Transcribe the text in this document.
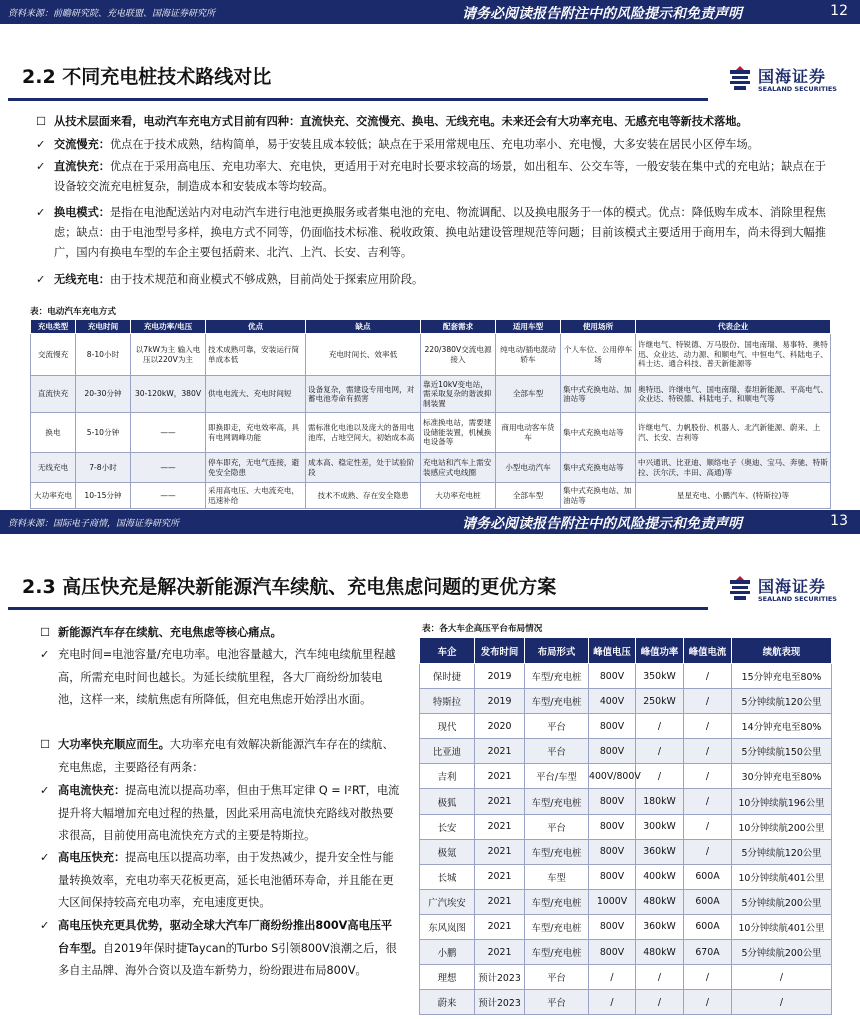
资料来源：前瞻研究院、充电联盟、国海证券研究所	请务必阅读报告附注中的风险提示和免责声明	12
2.2 不同充电桩技术路线对比	国海证券
SEALAND SECURITIES
☐ 从技术层面来看，电动汽车充电方式目前有四种：直流快充、交流慢充、换电、无线充电。未来还会有大功率充电、无感充电等新技术落地。
✓ 交流慢充：优点在于技术成熟，结构简单，易于安装且成本较低；缺点在于采用常规电压、充电功率小、充电慢，大多安装在居民小区停车场。
✓ 直流快充：优点在于采用高电压、充电功率大、充电快，更适用于对充电时长要求较高的场景，如出租车、公交车等，一般安装在集中式的充电站；缺点在于设备较交流充电桩复杂，制造成本和安装成本等均较高。
✓ 换电模式：是指在电池配送站内对电动汽车进行电池更换服务或者集电池的充电、物流调配、以及换电服务于一体的模式。优点：降低购车成本、消除里程焦虑；缺点：由于电池型号多样，换电方式不同等，仍面临技术标准、税收政策、换电站建设管理规范等问题；目前该模式主要适用于商用车，尚未得到大幅推广，国内有换电车型的车企主要包括蔚来、北汽、上汽、长安、吉利等。
✓ 无线充电：由于技术规范和商业模式不够成熟，目前尚处于探索应用阶段。
表：电动汽车充电方式
充电类型	充电时间	充电功率/电压	优点	缺点	配套需求	适用车型	使用场所	代表企业
交流慢充	8-10小时	以7kW为主 输入电压以220V为主	技术成熟可靠，安装运行简单成本低	充电时间长、效率低	220/380V交流电源接入	纯电动/插电混动轿车	个人车位、公用停车场	许继电气、特锐德、万马股份、国电南瑞、易事特、奥特迅、众业达、动力源、和顺电气、中恒电气、科陆电子、科士达、通合科技、普天新能源等
直流快充	20-30分钟	30-120kW，380V	供电电流大、充电时间短	设备复杂，需建设专用电网，对蓄电池寿命有损害	靠近10kV变电站，需采取复杂的谐波抑制装置	全部车型	集中式充换电站、加油站等	奥特迅、许继电气、国电南瑞、泰坦新能源、平高电气、众业达、特锐德、科陆电子、和顺电气等
换电	5-10分钟	——	即换即走，充电效率高，具有电网调峰功能	需标准化电池以及庞大的备用电池库，占地空间大，初始成本高	标准换电站，需要建设储能装置，机械换电设备等	商用电动客车货车	集中式充换电站等	许继电气、力帆股份、机器人、北汽新能源、蔚来、上汽、长安、吉利等
无线充电	7-8小时	——	停车即充，无电气连接，避免安全隐患	成本高、稳定性差，处于试验阶段	充电站和汽车上需安装感应式电线圈	小型电动汽车	集中式充换电站等	中兴通讯、比亚迪、顺络电子（奥迪、宝马、奔驰、特斯拉、沃尔沃、丰田、高通)等
大功率充电	10-15分钟	——	采用高电压、大电流充电，迅速补给	技术不成熟、存在安全隐患	大功率充电桩	全部车型	集中式充换电站、加油站等	星星充电、小鹏汽车、(特斯拉)等
资料来源：国际电子商情，国海证券研究所	请务必阅读报告附注中的风险提示和免责声明	13
2.3 高压快充是解决新能源汽车续航、充电焦虑问题的更优方案	国海证券
SEALAND SECURITIES
☐ 新能源汽车存在续航、充电焦虑等核心痛点。
✓ 充电时间=电池容量/充电功率。电池容量越大，汽车纯电续航里程越高，所需充电时间也越长。为延长续航里程，各大厂商纷纷加装电池，这样一来，续航焦虑有所降低，但充电焦虑开始浮出水面。
☐ 大功率快充顺应而生。大功率充电有效解决新能源汽车存在的续航、充电焦虑，主要路径有两条：
✓ 高电流快充：提高电流以提高功率，但由于焦耳定律 Q = I²RT，电流提升将大幅增加充电过程的热量，因此采用高电流快充路线对散热要求很高，目前使用高电流快充方式的主要是特斯拉。
✓ 高电压快充：提高电压以提高功率，由于发热减少，提升安全性与能量转换效率，充电功率天花板更高，延长电池循环寿命，并且能在更大区间保持较高充电功率，充电速度更快。
✓ 高电压快充更具优势，驱动全球大汽车厂商纷纷推出800V高电压平台车型。自2019年保时捷Taycan的Turbo S引领800V浪潮之后，很多自主品牌、海外合资以及造车新势力，纷纷跟进布局800V。
表：各大车企高压平台布局情况
车企	发布时间	布局形式	峰值电压	峰值功率	峰值电流	续航表现
保时捷	2019	车型/充电桩	800V	350kW	/	15分钟充电至80%
特斯拉	2019	车型/充电桩	400V	250kW	/	5分钟续航120公里
现代	2020	平台	800V	/	/	14分钟充电至80%
比亚迪	2021	平台	800V	/	/	5分钟续航150公里
吉利	2021	平台/车型	400V/800V	/	/	30分钟充电至80%
极狐	2021	车型/充电桩	800V	180kW	/	10分钟续航196公里
长安	2021	平台	800V	300kW	/	10分钟续航200公里
极氪	2021	车型/充电桩	800V	360kW	/	5分钟续航120公里
长城	2021	车型	800V	400kW	600A	10分钟续航401公里
广汽埃安	2021	车型/充电桩	1000V	480kW	600A	5分钟续航200公里
东风岚图	2021	车型/充电桩	800V	360kW	600A	10分钟续航401公里
小鹏	2021	车型/充电桩	800V	480kW	670A	5分钟续航200公里
理想	预计2023	平台	/	/	/	/
蔚来	预计2023	平台	/	/	/	/
